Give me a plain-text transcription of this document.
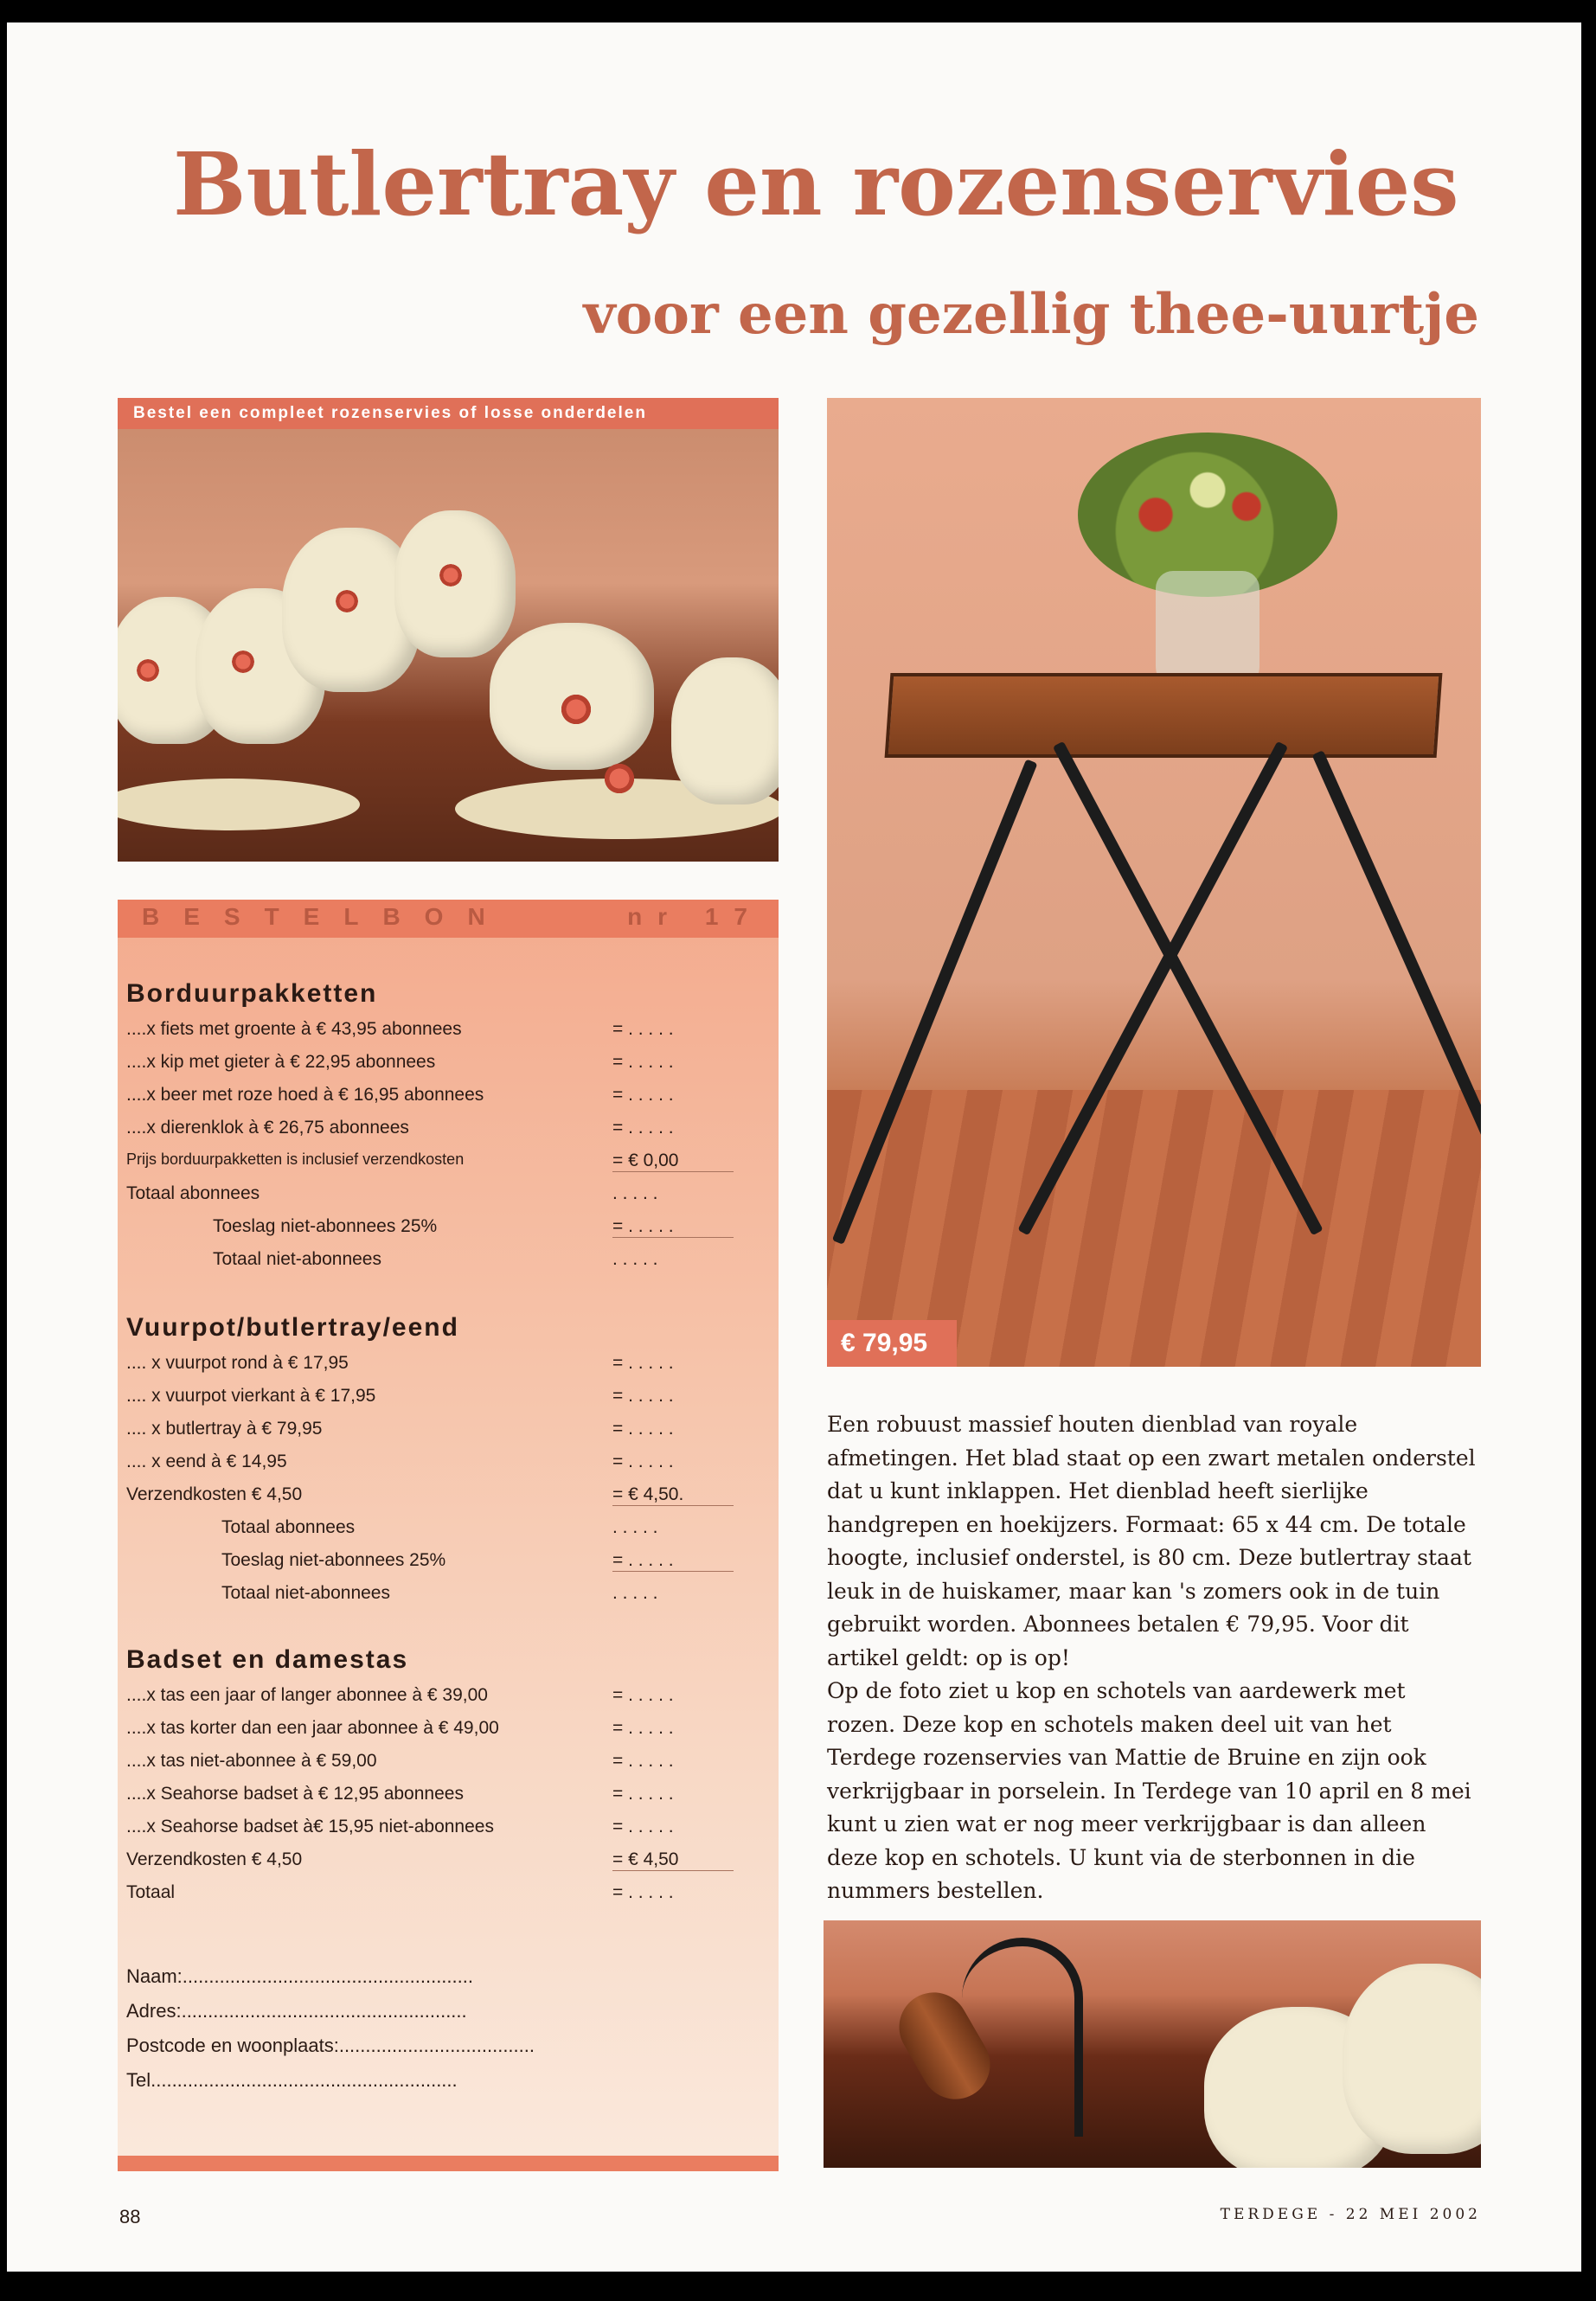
Butlertray en rozenservies
voor een gezellig thee-uurtje
Bestel een compleet rozenservies of losse onderdelen
BESTELBON	nr 17
Borduurpakketten
....x fiets met groente à € 43,95 abonnees	= . . . . .
....x kip met gieter à € 22,95 abonnees	= . . . . .
....x beer met roze hoed à € 16,95 abonnees	= . . . . .
....x dierenklok à € 26,75 abonnees	= . . . . .
Prijs borduurpakketten is inclusief verzendkosten	= € 0,00
Totaal abonnees	. . . . .
Toeslag niet-abonnees 25%	= . . . . .
Totaal niet-abonnees	. . . . .
Vuurpot/butlertray/eend
.... x vuurpot rond à € 17,95	= . . . . .
.... x vuurpot vierkant à € 17,95	= . . . . .
.... x butlertray à € 79,95	= . . . . .
.... x eend à € 14,95	= . . . . .
Verzendkosten € 4,50	= € 4,50.
Totaal abonnees	. . . . .
Toeslag niet-abonnees 25%	= . . . . .
Totaal niet-abonnees	. . . . .
Badset en damestas
....x tas een jaar of langer abonnee à € 39,00	= . . . . .
....x tas korter dan een jaar abonnee à € 49,00	= . . . . .
....x tas niet-abonnee à € 59,00	= . . . . .
....x Seahorse badset à € 12,95 abonnees	= . . . . .
....x Seahorse badset à€ 15,95 niet-abonnees	= . . . . .
Verzendkosten € 4,50	= € 4,50
Totaal	= . . . . .
Naam:.......................................................
Adres:......................................................
Postcode en woonplaats:.....................................
Tel..........................................................
€ 79,95

Een robuust massief houten dienblad van royale afmetingen. Het blad staat op een zwart metalen onderstel dat u kunt inklappen. Het dienblad heeft sierlijke handgrepen en hoekijzers. Formaat: 65 x 44 cm. De totale hoogte, inclusief onderstel, is 80 cm. Deze butlertray staat leuk in de huiskamer, maar kan 's zomers ook in de tuin gebruikt worden. Abonnees betalen € 79,95. Voor dit artikel geldt: op is op!

Op de foto ziet u kop en schotels van aardewerk met rozen. Deze kop en schotels maken deel uit van het Terdege rozenservies van Mattie de Bruine en zijn ook verkrijgbaar in porselein. In Terdege van 10 april en 8 mei kunt u zien wat er nog meer verkrijgbaar is dan alleen deze kop en schotels. U kunt via de sterbonnen in die nummers bestellen.

88	TERDEGE - 22 MEI 2002
